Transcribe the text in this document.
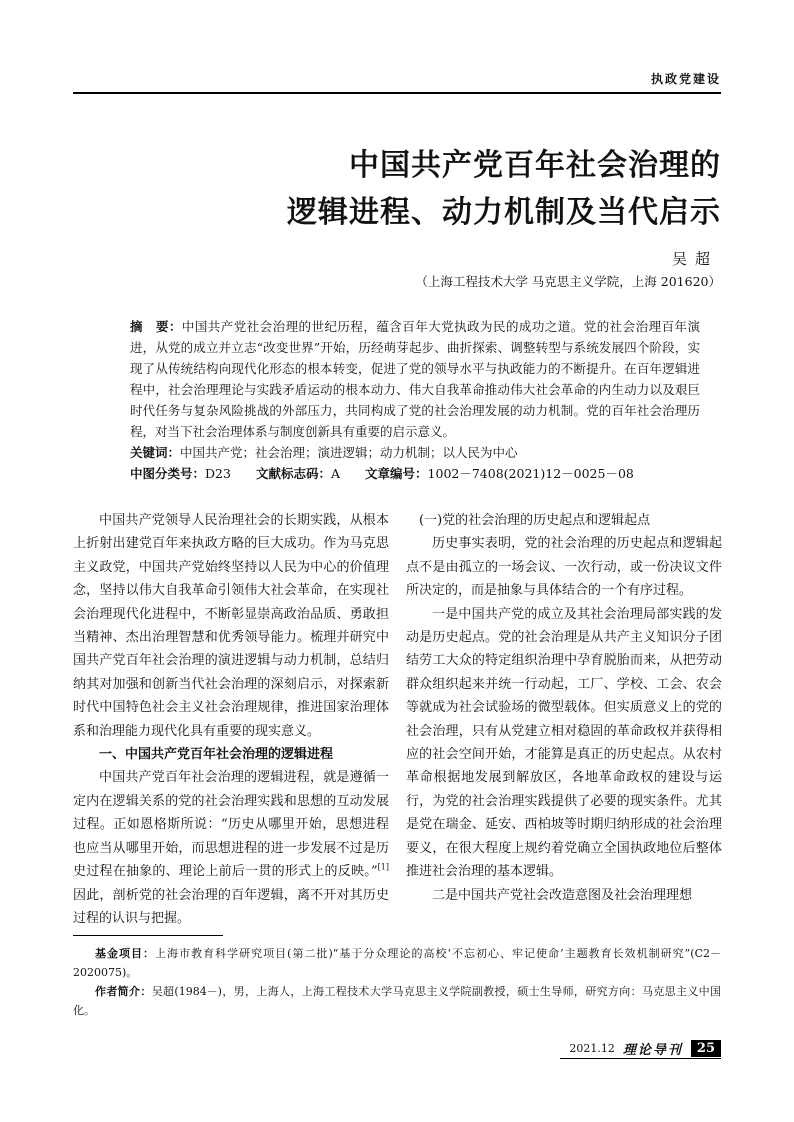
执政党建设
中国共产党百年社会治理的
逻辑进程、动力机制及当代启示
吴超
（上海工程技术大学 马克思主义学院，上海 201620）

摘　要：中国共产党社会治理的世纪历程，蕴含百年大党执政为民的成功之道。党的社会治理百年演进，从党的成立并立志“改变世界”开始，历经萌芽起步、曲折探索、调整转型与系统发展四个阶段，实现了从传统结构向现代化形态的根本转变，促进了党的领导水平与执政能力的不断提升。在百年逻辑进程中，社会治理理论与实践矛盾运动的根本动力、伟大自我革命推动伟大社会革命的内生动力以及艰巨时代任务与复杂风险挑战的外部压力，共同构成了党的社会治理发展的动力机制。党的百年社会治理历程，对当下社会治理体系与制度创新具有重要的启示意义。

关键词：中国共产党；社会治理；演进逻辑；动力机制；以人民为中心

中图分类号：D23　　 文献标志码：A　　 文章编号：1002－7408(2021)12－0025－08

中国共产党领导人民治理社会的长期实践，从根本上折射出建党百年来执政方略的巨大成功。作为马克思主义政党，中国共产党始终坚持以人民为中心的价值理念，坚持以伟大自我革命引领伟大社会革命，在实现社会治理现代化进程中，不断彰显崇高政治品质、勇敢担当精神、杰出治理智慧和优秀领导能力。梳理并研究中国共产党百年社会治理的演进逻辑与动力机制，总结归纳其对加强和创新当代社会治理的深刻启示，对探索新时代中国特色社会主义社会治理规律，推进国家治理体系和治理能力现代化具有重要的现实意义。

一、中国共产党百年社会治理的逻辑进程

中国共产党百年社会治理的逻辑进程，就是遵循一定内在逻辑关系的党的社会治理实践和思想的互动发展过程。正如恩格斯所说：“历史从哪里开始，思想进程也应当从哪里开始，而思想进程的进一步发展不过是历史过程在抽象的、理论上前后一贯的形式上的反映。”[1]因此，剖析党的社会治理的百年逻辑，离不开对其历史过程的认识与把握。

(一)党的社会治理的历史起点和逻辑起点

历史事实表明，党的社会治理的历史起点和逻辑起点不是由孤立的一场会议、一次行动，或一份决议文件所决定的，而是抽象与具体结合的一个有序过程。

一是中国共产党的成立及其社会治理局部实践的发动是历史起点。党的社会治理是从共产主义知识分子团结劳工大众的特定组织治理中孕育脱胎而来，从把劳动群众组织起来并统一行动起，工厂、学校、工会、农会等就成为社会试验场的微型载体。但实质意义上的党的社会治理，只有从党建立相对稳固的革命政权并获得相应的社会空间开始，才能算是真正的历史起点。从农村革命根据地发展到解放区，各地革命政权的建设与运行，为党的社会治理实践提供了必要的现实条件。尤其是党在瑞金、延安、西柏坡等时期归纳形成的社会治理要义，在很大程度上规约着党确立全国执政地位后整体推进社会治理的基本逻辑。

二是中国共产党社会改造意图及社会治理理想

基金项目：上海市教育科学研究项目(第二批)“基于分众理论的高校‘不忘初心、牢记使命’主题教育长效机制研究”(C2－2020075)。

作者简介：吴超(1984－)，男，上海人，上海工程技术大学马克思主义学院副教授，硕士生导师，研究方向：马克思主义中国化。

2021.12 理论导刊	25
